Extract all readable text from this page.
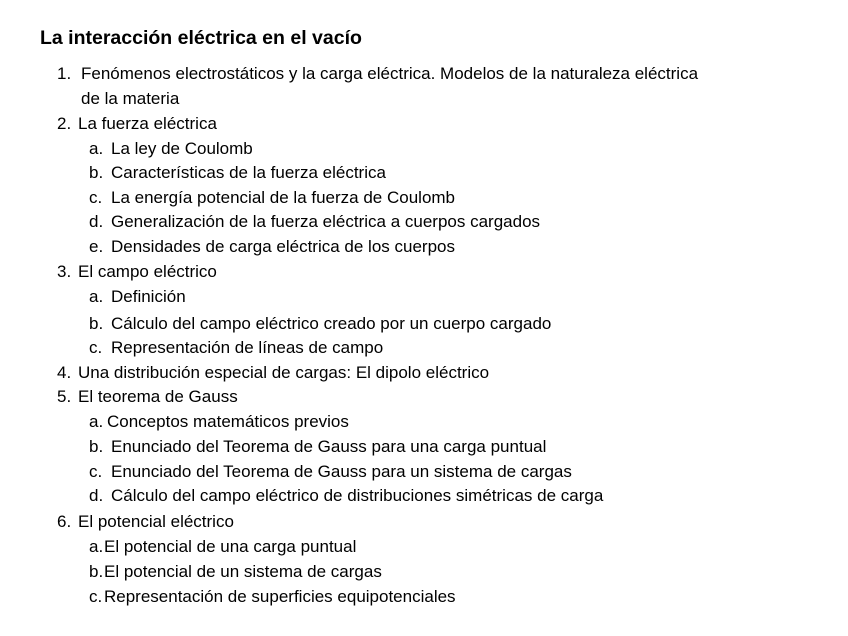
La interacción eléctrica en el vacío
1. Fenómenos electrostáticos y la carga eléctrica. Modelos de la naturaleza eléctrica
de la materia
2. La fuerza eléctrica
a. La ley de Coulomb
b. Características de la fuerza eléctrica
c. La energía potencial de la fuerza de Coulomb
d. Generalización de la fuerza eléctrica a cuerpos cargados
e. Densidades de carga eléctrica de los cuerpos
3. El campo eléctrico
a. Definición
b. Cálculo del campo eléctrico creado por un cuerpo cargado
c. Representación de líneas de campo
4. Una distribución especial de cargas: El dipolo eléctrico
5. El teorema de Gauss
a. Conceptos matemáticos previos
b. Enunciado del Teorema de Gauss para una carga puntual
c. Enunciado del Teorema de Gauss para un sistema de cargas
d. Cálculo del campo eléctrico de distribuciones simétricas de carga
6. El potencial eléctrico
a.El potencial de una carga puntual
b.El potencial de un sistema de cargas
c. Representación de superficies equipotenciales
